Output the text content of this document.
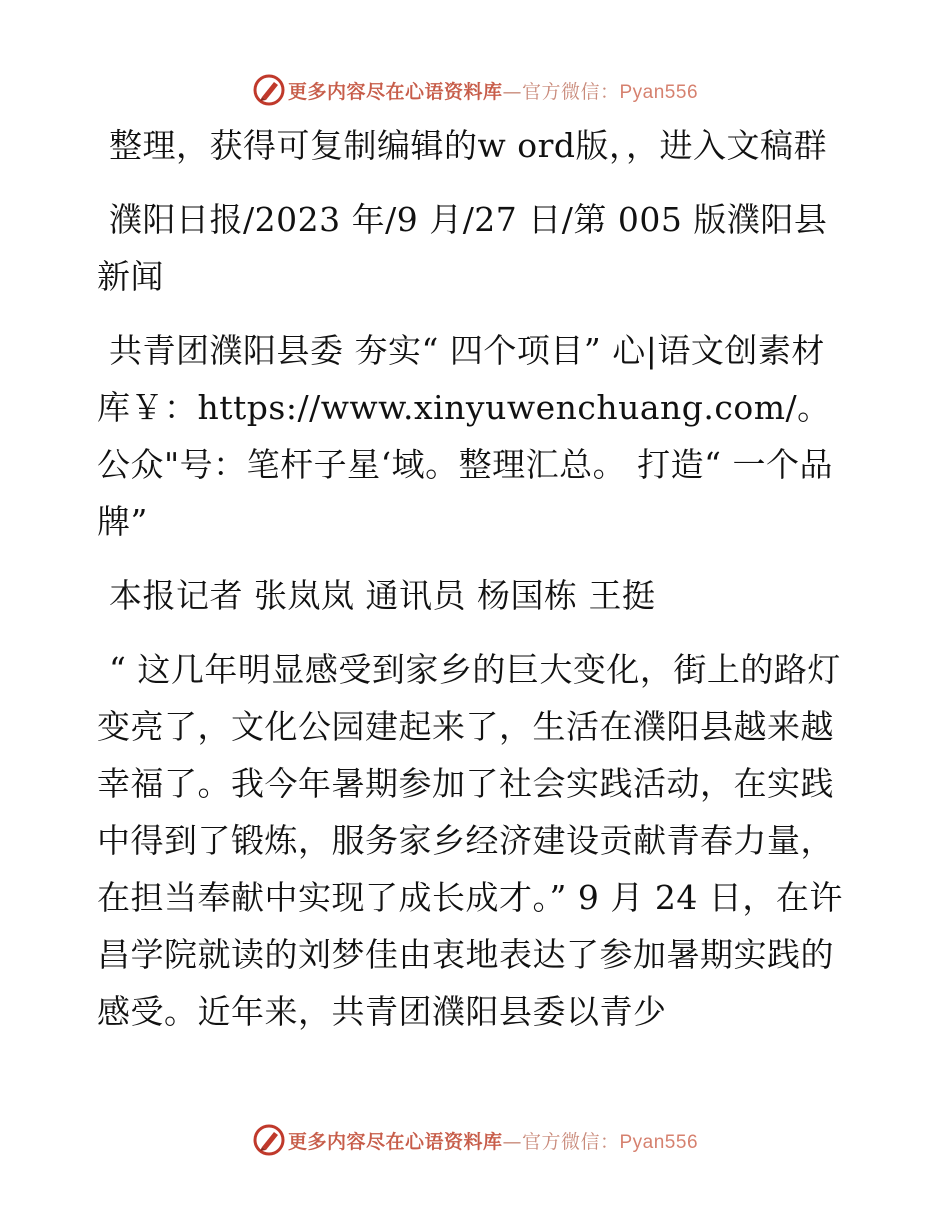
更多内容尽在心语资料库—官方微信：Pyan556

整理，获得可复制编辑的w ord版，，进入文稿群

濮阳日报/2023 年/9 月/27 日/第 005 版濮阳县新闻

共青团濮阳县委 夯实“ 四个项目” 心|语文创素材库￥：https://www.xinyuwenchuang.com/。公众"号：笔杆子星‘域。整理汇总。 打造“ 一个品牌”

本报记者 张岚岚 通讯员 杨国栋 王挺

“ 这几年明显感受到家乡的巨大变化，街上的路灯变亮了，文化公园建起来了，生活在濮阳县越来越幸福了。我今年暑期参加了社会实践活动，在实践中得到了锻炼，服务家乡经济建设贡献青春力量，在担当奉献中实现了成长成才。” 9 月 24 日，在许昌学院就读的刘梦佳由衷地表达了参加暑期实践的感受。近年来，共青团濮阳县委以青少

更多内容尽在心语资料库—官方微信：Pyan556
